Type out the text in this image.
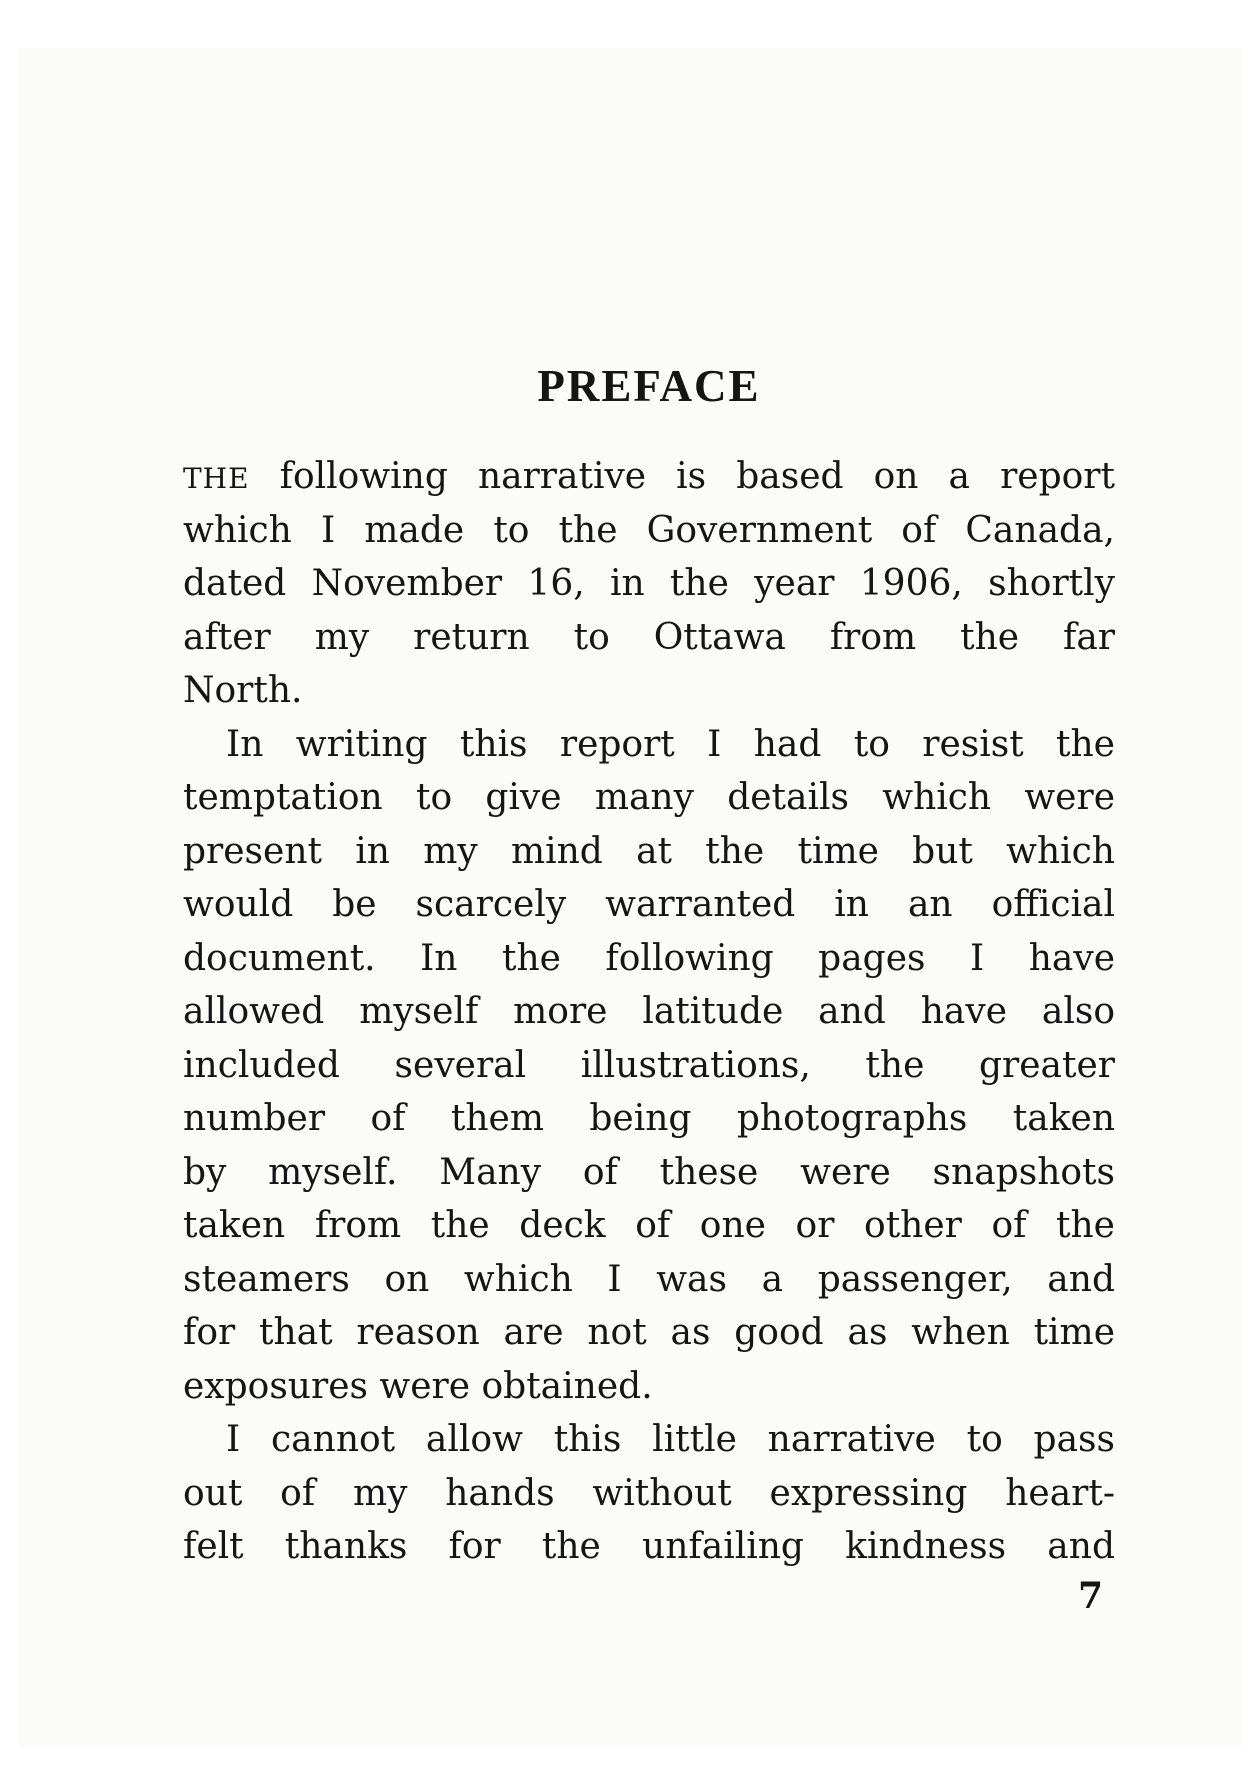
PREFACE
THE following narrative is based on a report
which I made to the Government of Canada,
dated November 16, in the year 1906, shortly
after my return to Ottawa from the far
North.
In writing this report I had to resist the
temptation to give many details which were
present in my mind at the time but which
would be scarcely warranted in an official
document. In the following pages I have
allowed myself more latitude and have also
included several illustrations, the greater
number of them being photographs taken
by myself. Many of these were snapshots
taken from the deck of one or other of the
steamers on which I was a passenger, and
for that reason are not as good as when time
exposures were obtained.
I cannot allow this little narrative to pass
out of my hands without expressing heart-
felt thanks for the unfailing kindness and
7
